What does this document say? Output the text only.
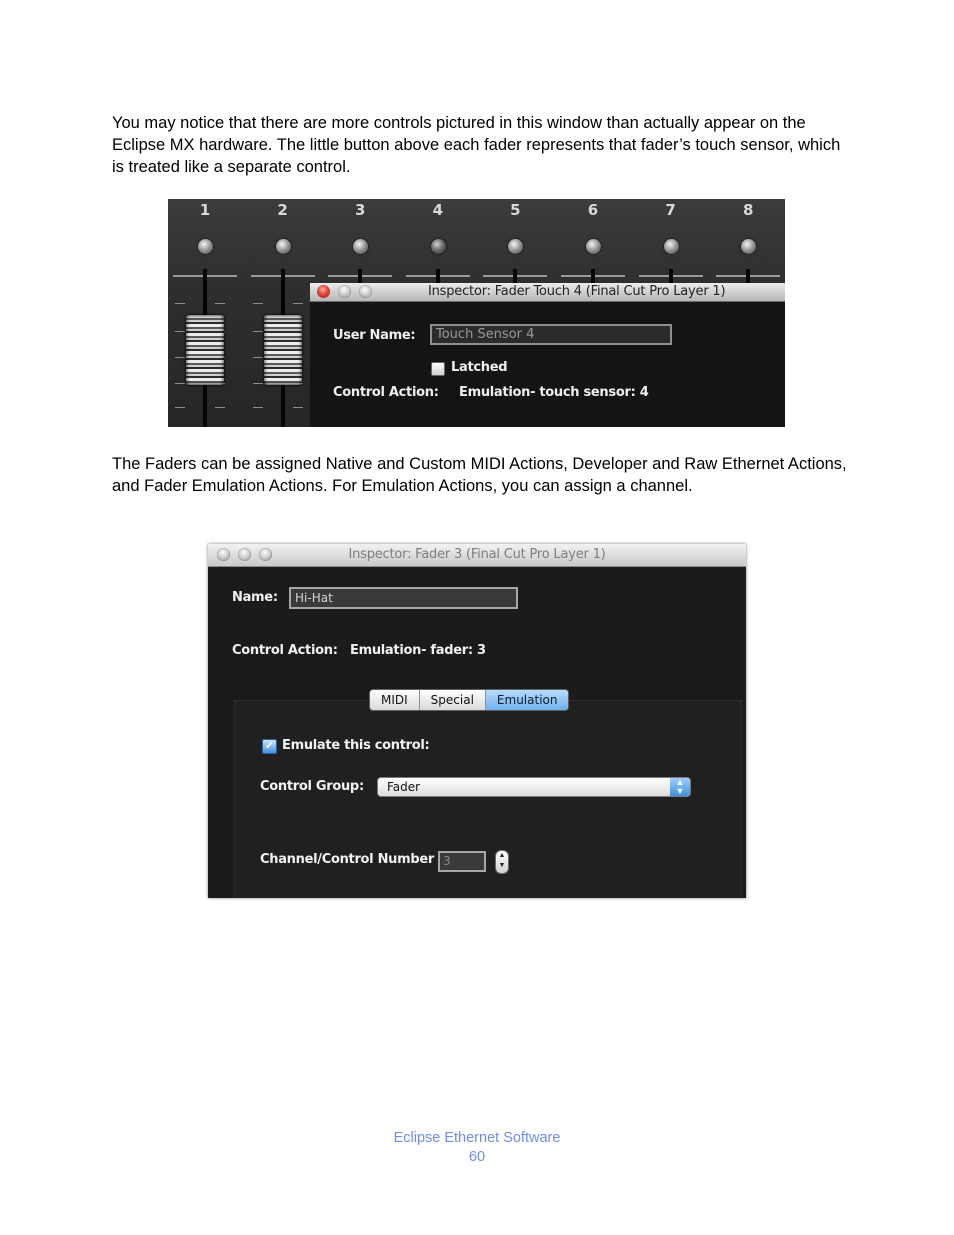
You may notice that there are more controls pictured in this window than actually appear on the Eclipse MX hardware. The little button above each fader represents that fader’s touch sensor, which is treated like a separate control.

1	2	3	4	5	6	7	8
Inspector: Fader Touch 4 (Final Cut Pro Layer 1)
User Name:	Touch Sensor 4
Latched
Control Action: Emulation- touch sensor: 4

The Faders can be assigned Native and Custom MIDI Actions, Developer and Raw Ethernet Actions, and Fader Emulation Actions. For Emulation Actions, you can assign a channel.

Inspector: Fader 3 (Final Cut Pro Layer 1)
Name:	Hi-Hat
Control Action: Emulation- fader: 3
MIDI	Special	Emulation
✓ Emulate this control:
Control Group: Fader	▲
▼
Channel/Control Number 3	▲
▼
Eclipse Ethernet Software
60
